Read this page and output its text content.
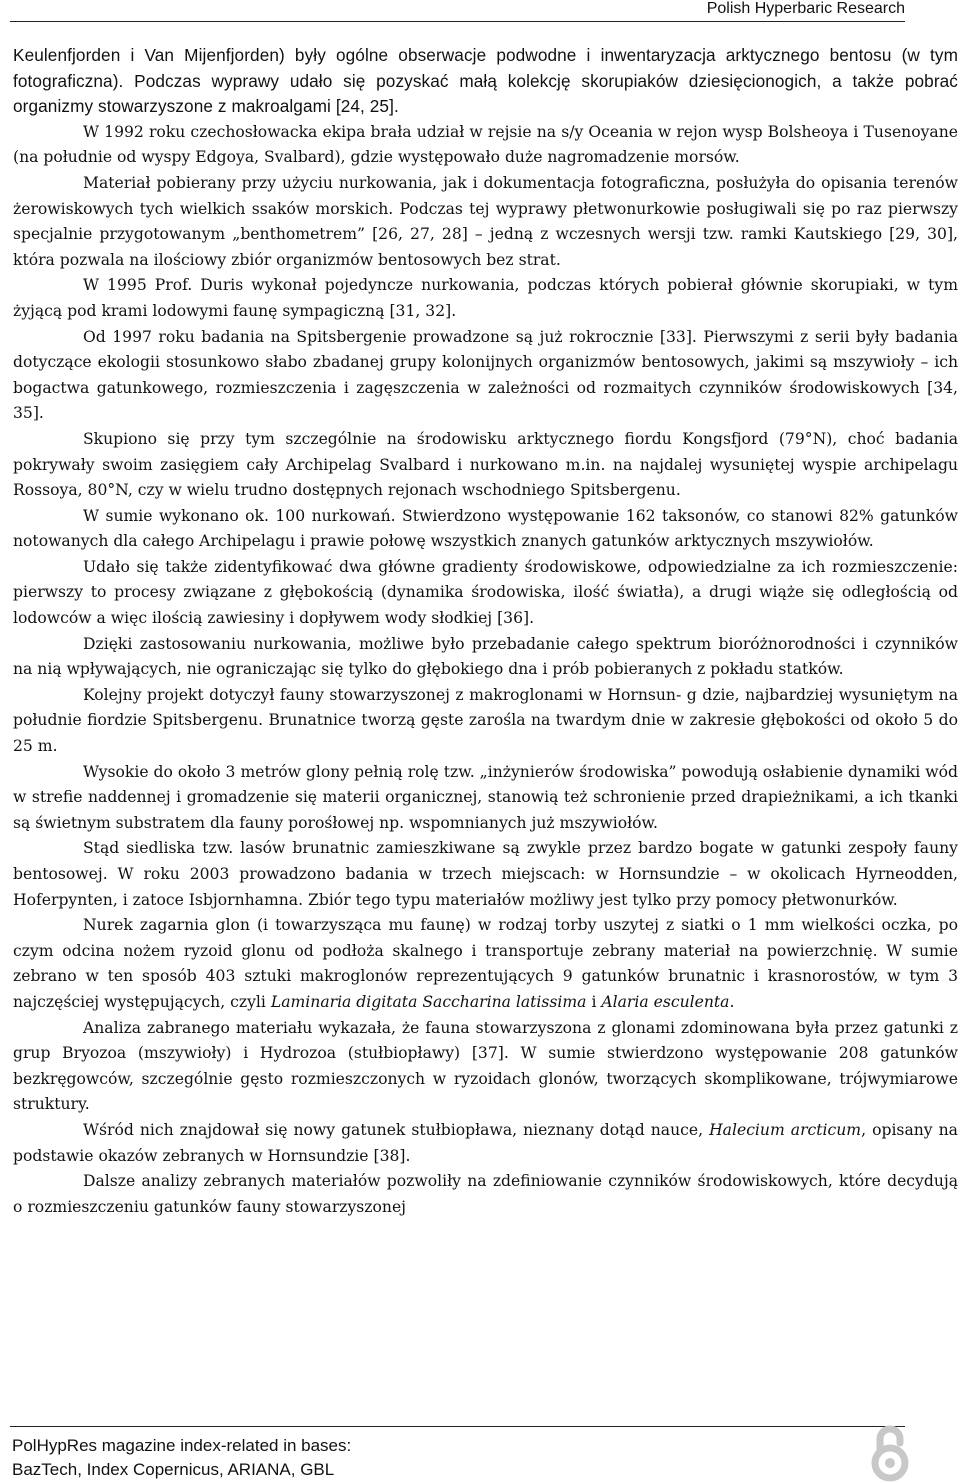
Polish Hyperbaric Research

Keulenfjorden i Van Mijenfjorden) były ogólne obserwacje podwodne i inwentaryzacja arktycznego bentosu (w tym fotograficzna). Podczas wyprawy udało się pozyskać małą kolekcję skorupiaków dziesięcionogich, a także pobrać organizmy stowarzyszone z makroalgami [24, 25].

W 1992 roku czechosłowacka ekipa brała udział w rejsie na s/y Oceania w rejon wysp Bolsheoya i Tusenoyane (na południe od wyspy Edgoya, Svalbard), gdzie występowało duże nagromadzenie morsów.

Materiał pobierany przy użyciu nurkowania, jak i dokumentacja fotograficzna, posłużyła do opisania terenów żerowiskowych tych wielkich ssaków morskich. Podczas tej wyprawy płetwonurkowie posługiwali się po raz pierwszy specjalnie przygotowanym „benthometrem” [26, 27, 28] – jedną z wczesnych wersji tzw. ramki Kautskiego [29, 30], która pozwala na ilościowy zbiór organizmów bentosowych bez strat.

W 1995 Prof. Duris wykonał pojedyncze nurkowania, podczas których pobierał głównie skorupiaki, w tym żyjącą pod krami lodowymi faunę sympagiczną [31, 32].

Od 1997 roku badania na Spitsbergenie prowadzone są już rokrocznie [33]. Pierwszymi z serii były badania dotyczące ekologii stosunkowo słabo zbadanej grupy kolonijnych organizmów bentosowych, jakimi są mszywioły – ich bogactwa gatunkowego, rozmieszczenia i zagęszczenia w zależności od rozmaitych czynników środowiskowych [34, 35].

Skupiono się przy tym szczególnie na środowisku arktycznego fiordu Kongsfjord (79°N), choć badania pokrywały swoim zasięgiem cały Archipelag Svalbard i nurkowano m.in. na najdalej wysuniętej wyspie archipelagu Rossoya, 80°N, czy w wielu trudno dostępnych rejonach wschodniego Spitsbergenu.

W sumie wykonano ok. 100 nurkowań. Stwierdzono występowanie 162 taksonów, co stanowi 82% gatunków notowanych dla całego Archipelagu i prawie połowę wszystkich znanych gatunków arktycznych mszywiołów.

Udało się także zidentyfikować dwa główne gradienty środowiskowe, odpowiedzialne za ich rozmieszczenie: pierwszy to procesy związane z głębokością (dynamika środowiska, ilość światła), a drugi wiąże się odległością od lodowców a więc ilością zawiesiny i dopływem wody słodkiej [36].

Dzięki zastosowaniu nurkowania, możliwe było przebadanie całego spektrum bioróżnorodności i czynników na nią wpływających, nie ograniczając się tylko do głębokiego dna i prób pobieranych z pokładu statków.

Kolejny projekt dotyczył fauny stowarzyszonej z makroglonami w Hornsun- g dzie, najbardziej wysuniętym na południe fiordzie Spitsbergenu. Brunatnice tworzą gęste zarośla na twardym dnie w zakresie głębokości od około 5 do 25 m.

Wysokie do około 3 metrów glony pełnią rolę tzw. „inżynierów środowiska” powodują osłabienie dynamiki wód w strefie naddennej i gromadzenie się materii organicznej, stanowią też schronienie przed drapieżnikami, a ich tkanki są świetnym substratem dla fauny porośłowej np. wspomnianych już mszywiołów.

Stąd siedliska tzw. lasów brunatnic zamieszkiwane są zwykle przez bardzo bogate w gatunki zespoły fauny bentosowej. W roku 2003 prowadzono badania w trzech miejscach: w Hornsundzie – w okolicach Hyrneodden, Hoferpynten, i zatoce Isbjornhamna. Zbiór tego typu materiałów możliwy jest tylko przy pomocy płetwonurków.

Nurek zagarnia glon (i towarzysząca mu faunę) w rodzaj torby uszytej z siatki o 1 mm wielkości oczka, po czym odcina nożem ryzoid glonu od podłoża skalnego i transportuje zebrany materiał na powierzchnię. W sumie zebrano w ten sposób 403 sztuki makroglonów reprezentujących 9 gatunków brunatnic i krasnorostów, w tym 3 najczęściej występujących, czyli Laminaria digitata Saccharina latissima i Alaria esculenta.

Analiza zabranego materiału wykazała, że fauna stowarzyszona z glonami zdominowana była przez gatunki z grup Bryozoa (mszywioły) i Hydrozoa (stułbiopławy) [37]. W sumie stwierdzono występowanie 208 gatunków bezkręgowców, szczególnie gęsto rozmieszczonych w ryzoidach glonów, tworzących skomplikowane, trójwymiarowe struktury.

Wśród nich znajdował się nowy gatunek stułbiopława, nieznany dotąd nauce, Halecium arcticum, opisany na podstawie okazów zebranych w Hornsundzie [38].

Dalsze analizy zebranych materiałów pozwoliły na zdefiniowanie czynników środowiskowych, które decydują o rozmieszczeniu gatunków fauny stowarzyszonej

PolHypRes magazine index-related in bases:
BazTech, Index Copernicus, ARIANA, GBL
